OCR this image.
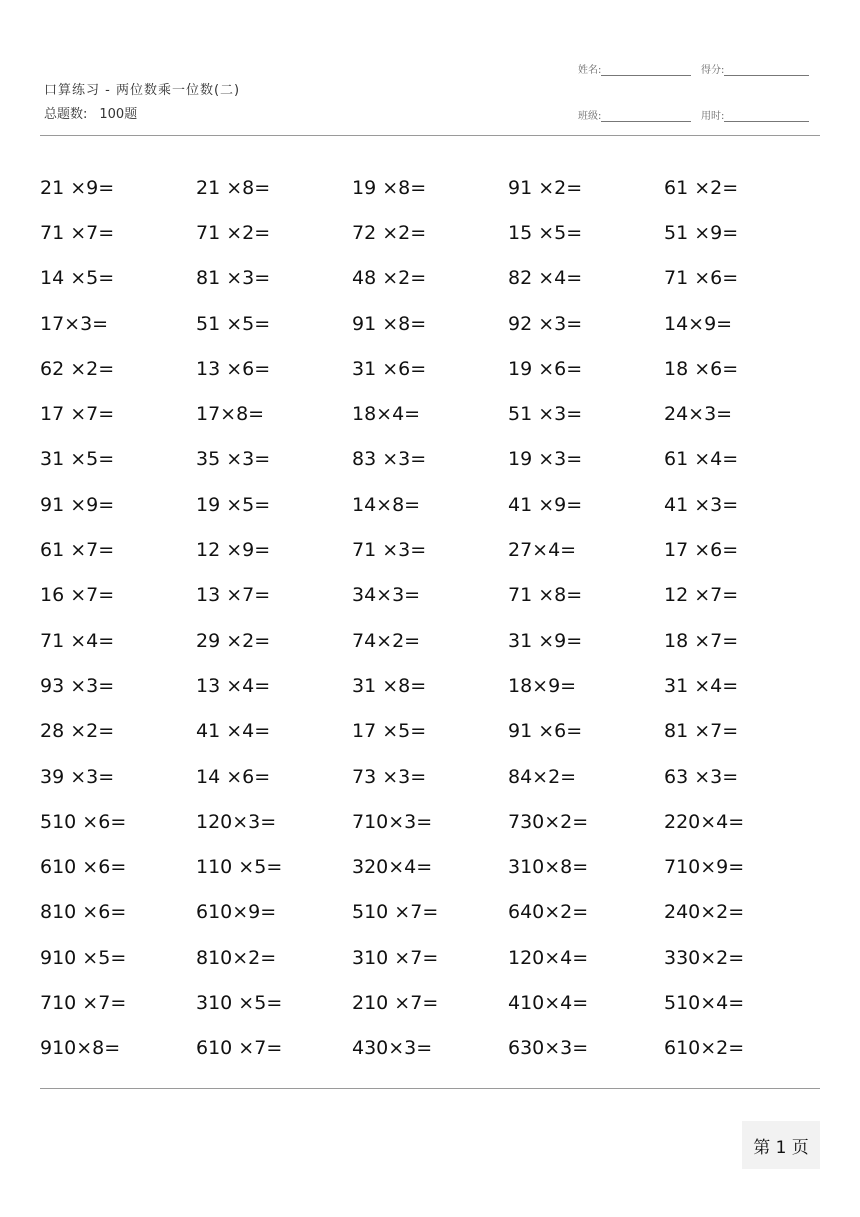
口算练习 - 两位数乘一位数(二)
总题数: 100题
姓名:	得分:
班级:	用时:
21 ×9=	21 ×8=	19 ×8=	91 ×2=	61 ×2=
71 ×7=	71 ×2=	72 ×2=	15 ×5=	51 ×9=
14 ×5=	81 ×3=	48 ×2=	82 ×4=	71 ×6=
17×3=	51 ×5=	91 ×8=	92 ×3=	14×9=
62 ×2=	13 ×6=	31 ×6=	19 ×6=	18 ×6=
17 ×7=	17×8=	18×4=	51 ×3=	24×3=
31 ×5=	35 ×3=	83 ×3=	19 ×3=	61 ×4=
91 ×9=	19 ×5=	14×8=	41 ×9=	41 ×3=
61 ×7=	12 ×9=	71 ×3=	27×4=	17 ×6=
16 ×7=	13 ×7=	34×3=	71 ×8=	12 ×7=
71 ×4=	29 ×2=	74×2=	31 ×9=	18 ×7=
93 ×3=	13 ×4=	31 ×8=	18×9=	31 ×4=
28 ×2=	41 ×4=	17 ×5=	91 ×6=	81 ×7=
39 ×3=	14 ×6=	73 ×3=	84×2=	63 ×3=
510 ×6=	120×3=	710×3=	730×2=	220×4=
610 ×6=	110 ×5=	320×4=	310×8=	710×9=
810 ×6=	610×9=	510 ×7=	640×2=	240×2=
910 ×5=	810×2=	310 ×7=	120×4=	330×2=
710 ×7=	310 ×5=	210 ×7=	410×4=	510×4=
910×8=	610 ×7=	430×3=	630×3=	610×2=
第 1 页
